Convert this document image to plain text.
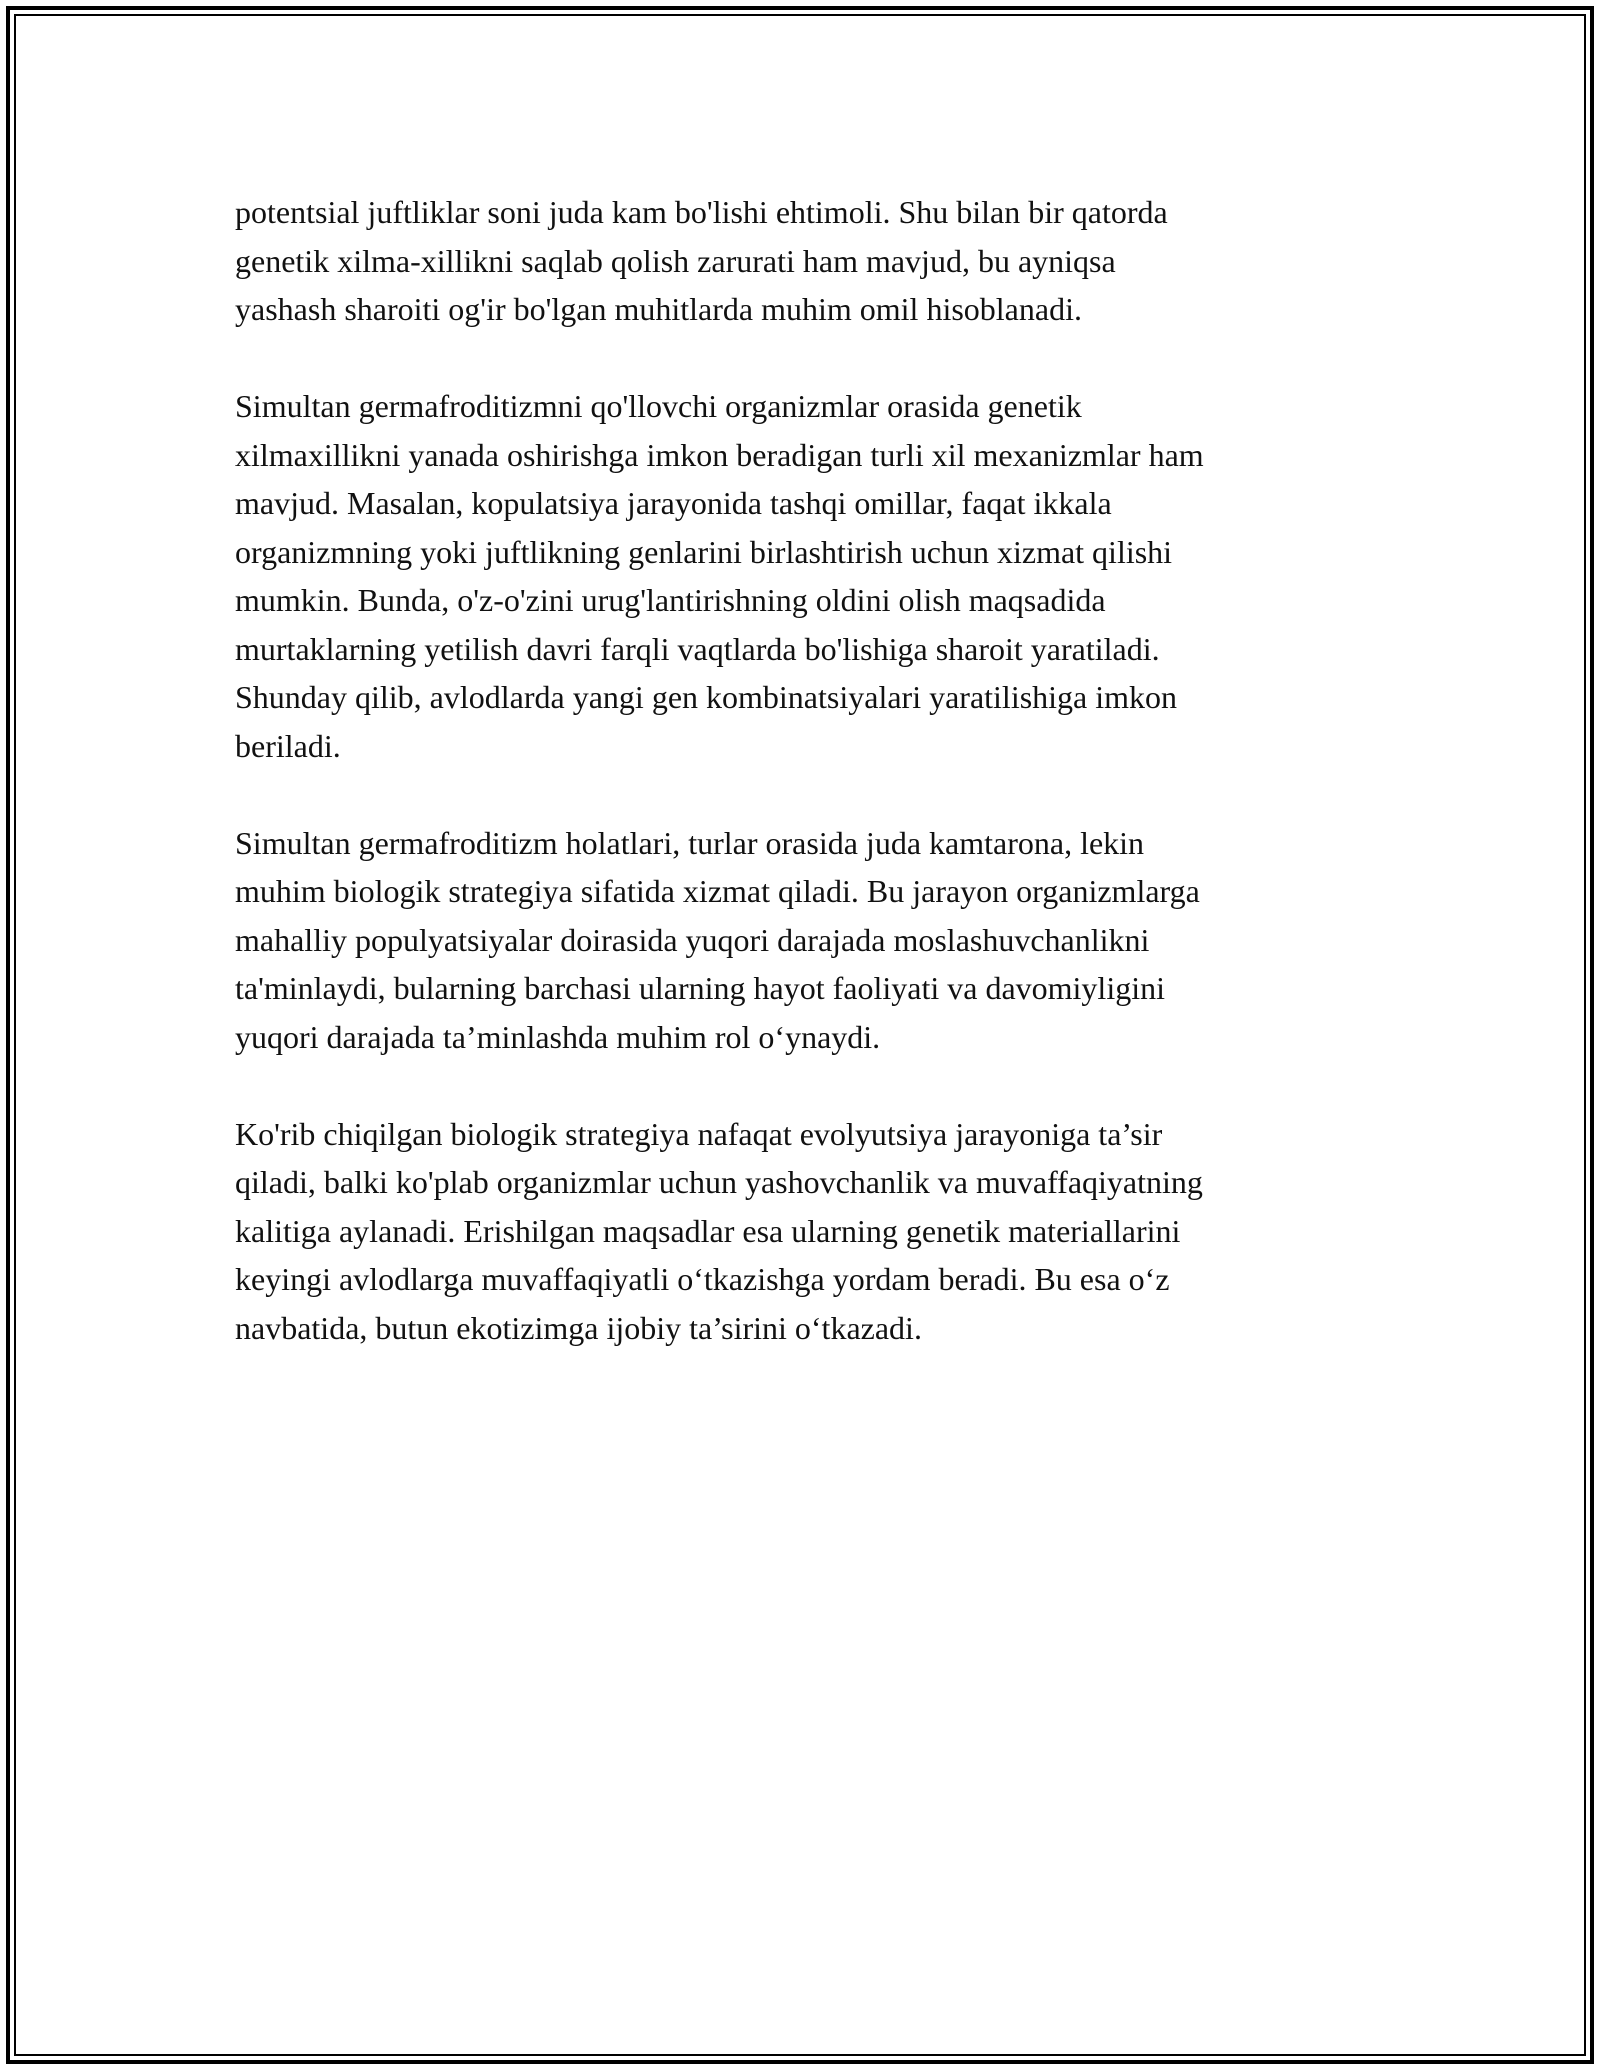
potentsial juftliklar soni juda kam bo'lishi ehtimoli. Shu bilan bir qatorda
genetik xilma-xillikni saqlab qolish zarurati ham mavjud, bu ayniqsa
yashash sharoiti og'ir bo'lgan muhitlarda muhim omil hisoblanadi.
Simultan germafroditizmni qo'llovchi organizmlar orasida genetik
xilmaxillikni yanada oshirishga imkon beradigan turli xil mexanizmlar ham
mavjud. Masalan, kopulatsiya jarayonida tashqi omillar, faqat ikkala
organizmning yoki juftlikning genlarini birlashtirish uchun xizmat qilishi
mumkin. Bunda, o'z-o'zini urug'lantirishning oldini olish maqsadida
murtaklarning yetilish davri farqli vaqtlarda bo'lishiga sharoit yaratiladi.
Shunday qilib, avlodlarda yangi gen kombinatsiyalari yaratilishiga imkon
beriladi.
Simultan germafroditizm holatlari, turlar orasida juda kamtarona, lekin
muhim biologik strategiya sifatida xizmat qiladi. Bu jarayon organizmlarga
mahalliy populyatsiyalar doirasida yuqori darajada moslashuvchanlikni
ta'minlaydi, bularning barchasi ularning hayot faoliyati va davomiyligini
yuqori darajada ta’minlashda muhim rol o‘ynaydi.
Ko'rib chiqilgan biologik strategiya nafaqat evolyutsiya jarayoniga ta’sir
qiladi, balki ko'plab organizmlar uchun yashovchanlik va muvaffaqiyatning
kalitiga aylanadi. Erishilgan maqsadlar esa ularning genetik materiallarini
keyingi avlodlarga muvaffaqiyatli o‘tkazishga yordam beradi. Bu esa o‘z
navbatida, butun ekotizimga ijobiy ta’sirini o‘tkazadi.
